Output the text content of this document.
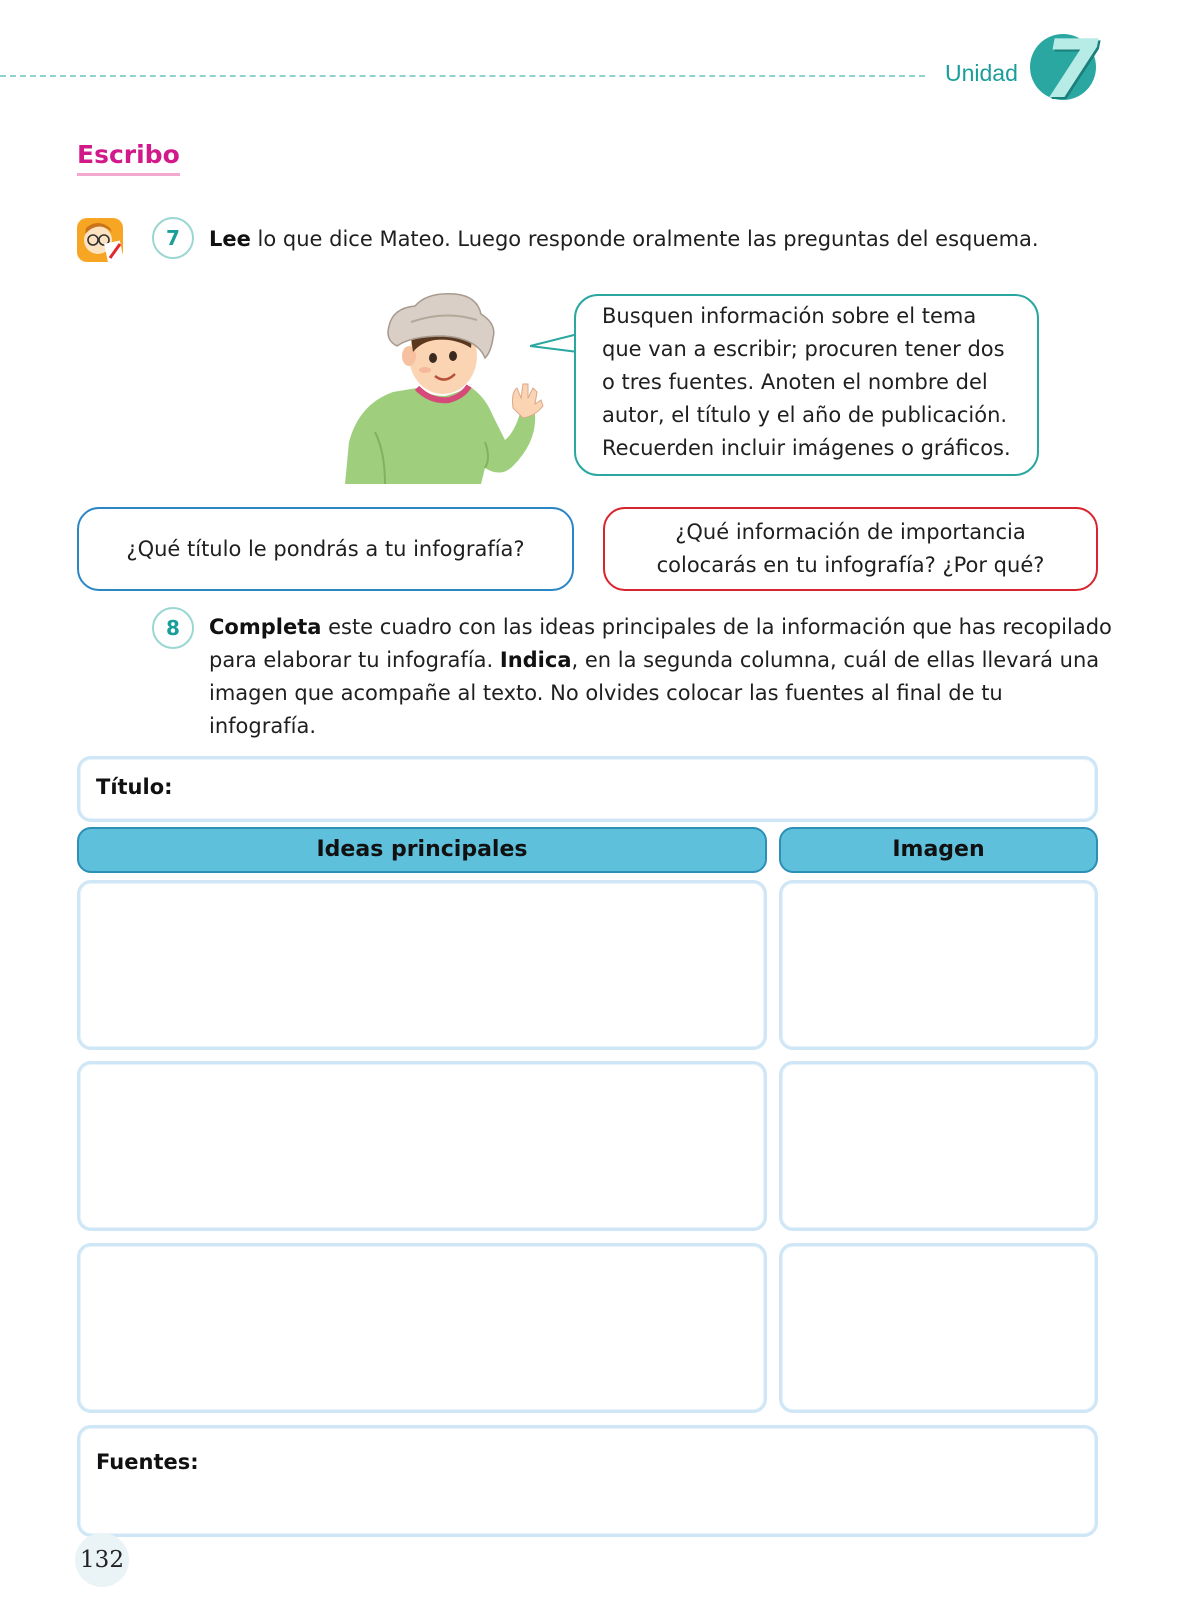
Unidad 7
Escribo
7	Lee lo que dice Mateo. Luego responde oralmente las preguntas del esquema.
Busquen información sobre el tema
que van a escribir; procuren tener dos
o tres fuentes. Anoten el nombre del
autor, el título y el año de publicación.
Recuerden incluir imágenes o gráficos.
¿Qué título le pondrás a tu infografía?
¿Qué información de importancia
colocarás en tu infografía? ¿Por qué?
8	Completa este cuadro con las ideas principales de la información que has recopilado para elaborar tu infografía. Indica, en la segunda columna, cuál de ellas llevará una imagen que acompañe al texto. No olvides colocar las fuentes al final de tu infografía.
Título:
Ideas principales	Imagen
Fuentes:
132
